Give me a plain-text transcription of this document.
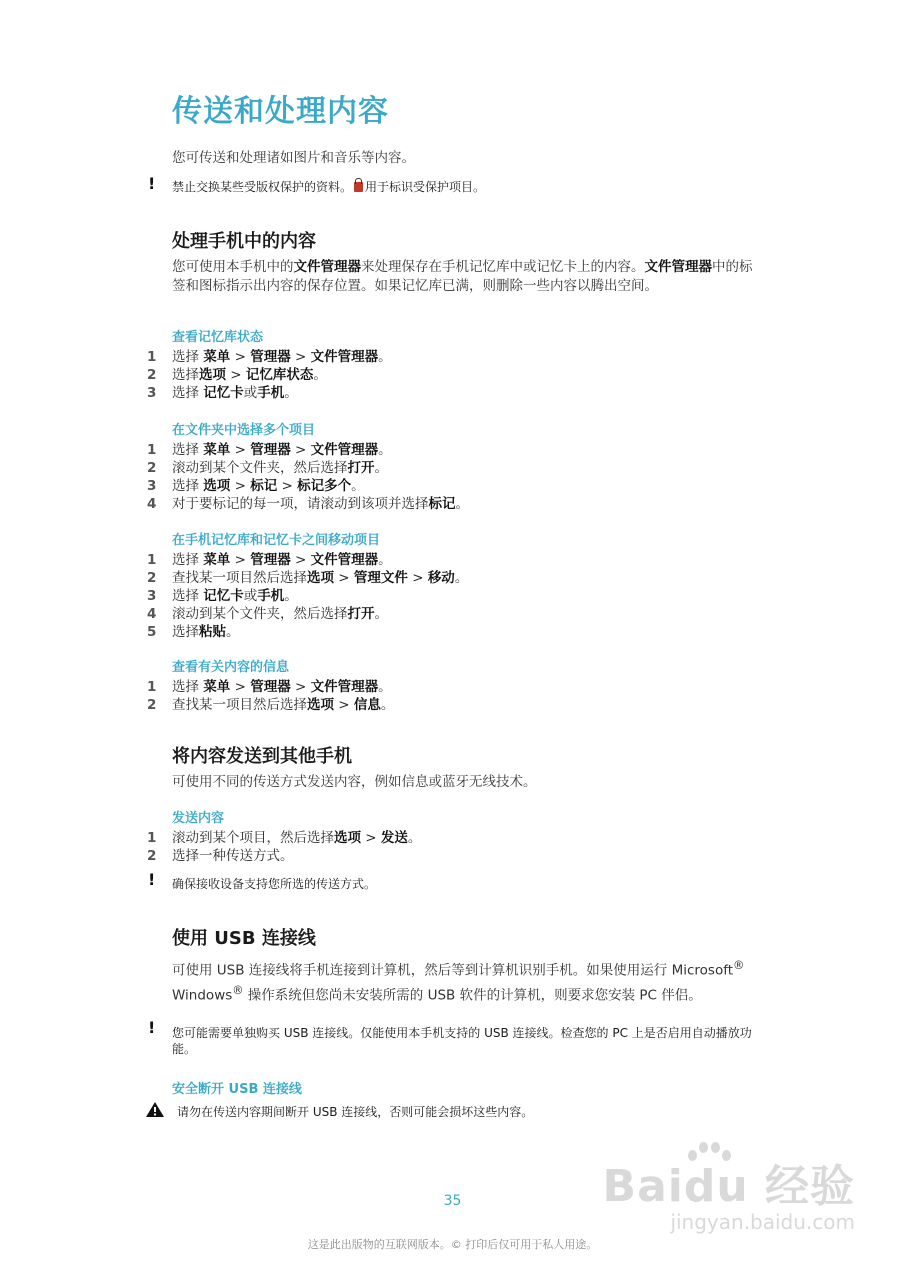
传送和处理内容
您可传送和处理诸如图片和音乐等内容。
! 禁止交换某些受版权保护的资料。 用于标识受保护项目。
处理手机中的内容
您可使用本手机中的文件管理器来处理保存在手机记忆库中或记忆卡上的内容。文件管理器中的标签和图标指示出内容的保存位置。如果记忆库已满，则删除一些内容以腾出空间。
查看记忆库状态
1 选择 菜单 > 管理器 > 文件管理器。
2 选择选项 > 记忆库状态。
3 选择 记忆卡或手机。
在文件夹中选择多个项目
1 选择 菜单 > 管理器 > 文件管理器。
2 滚动到某个文件夹，然后选择打开。
3 选择 选项 > 标记 > 标记多个。
4 对于要标记的每一项，请滚动到该项并选择标记。
在手机记忆库和记忆卡之间移动项目
1 选择 菜单 > 管理器 > 文件管理器。
2 查找某一项目然后选择选项 > 管理文件 > 移动。
3 选择 记忆卡或手机。
4 滚动到某个文件夹，然后选择打开。
5 选择粘贴。
查看有关内容的信息
1 选择 菜单 > 管理器 > 文件管理器。
2 查找某一项目然后选择选项 > 信息。
将内容发送到其他手机
可使用不同的传送方式发送内容，例如信息或蓝牙无线技术。
发送内容
1 滚动到某个项目，然后选择选项 > 发送。
2 选择一种传送方式。
! 确保接收设备支持您所选的传送方式。
使用 USB 连接线
可使用 USB 连接线将手机连接到计算机，然后等到计算机识别手机。如果使用运行 Microsoft® Windows® 操作系统但您尚未安装所需的 USB 软件的计算机，则要求您安装 PC 伴侣。
! 您可能需要单独购买 USB 连接线。仅能使用本手机支持的 USB 连接线。检查您的 PC 上是否启用自动播放功能。
安全断开 USB 连接线
请勿在传送内容期间断开 USB 连接线，否则可能会损坏这些内容。
Baidu 经验
jingyan.baidu.com
35
这是此出版物的互联网版本。© 打印后仅可用于私人用途。
